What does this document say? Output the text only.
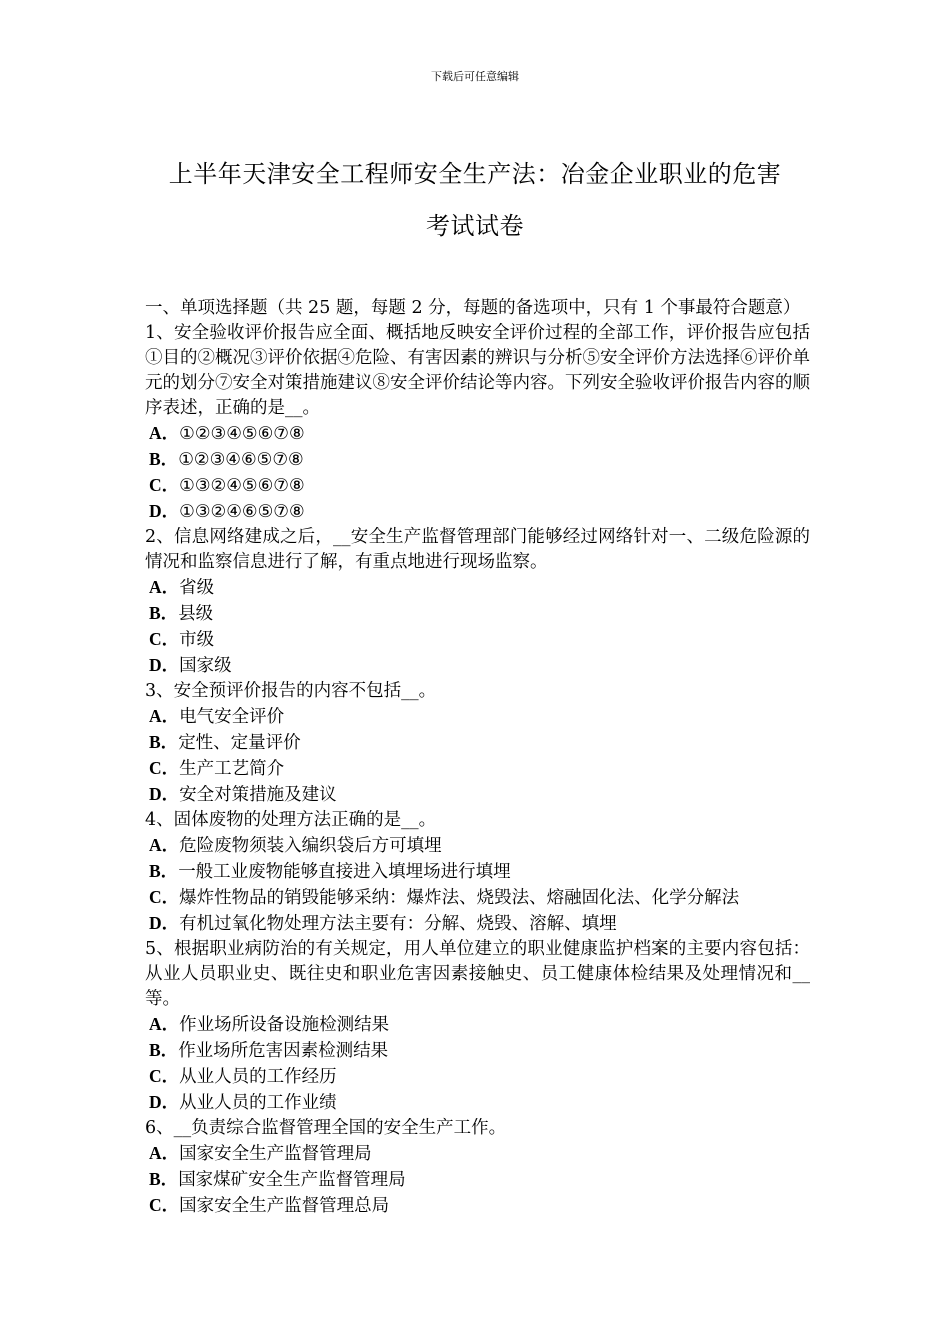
下载后可任意编辑
上半年天津安全工程师安全生产法：冶金企业职业的危害
考试试卷

一、单项选择题（共 25 题，每题 2 分，每题的备选项中，只有 1 个事最符合题意）

1、安全验收评价报告应全面、概括地反映安全评价过程的全部工作，评价报告应包括①目的②概况③评价依据④危险、有害因素的辨识与分析⑤安全评价方法选择⑥评价单元的划分⑦安全对策措施建议⑧安全评价结论等内容。下列安全验收评价报告内容的顺序表述，正确的是__。

A．①②③④⑤⑥⑦⑧
B．①②③④⑥⑤⑦⑧
C．①③②④⑤⑥⑦⑧
D．①③②④⑥⑤⑦⑧

2、信息网络建成之后，__安全生产监督管理部门能够经过网络针对一、二级危险源的情况和监察信息进行了解，有重点地进行现场监察。

A．省级
B．县级
C．市级
D．国家级

3、安全预评价报告的内容不包括__。

A．电气安全评价
B．定性、定量评价
C．生产工艺简介
D．安全对策措施及建议

4、固体废物的处理方法正确的是__。

A．危险废物须装入编织袋后方可填埋
B．一般工业废物能够直接进入填埋场进行填埋
C．爆炸性物品的销毁能够采纳：爆炸法、烧毁法、熔融固化法、化学分解法
D．有机过氧化物处理方法主要有：分解、烧毁、溶解、填埋

5、根据职业病防治的有关规定，用人单位建立的职业健康监护档案的主要内容包括：从业人员职业史、既往史和职业危害因素接触史、员工健康体检结果及处理情况和__等。

A．作业场所设备设施检测结果
B．作业场所危害因素检测结果
C．从业人员的工作经历
D．从业人员的工作业绩

6、__负责综合监督管理全国的安全生产工作。

A．国家安全生产监督管理局
B．国家煤矿安全生产监督管理局
C．国家安全生产监督管理总局
